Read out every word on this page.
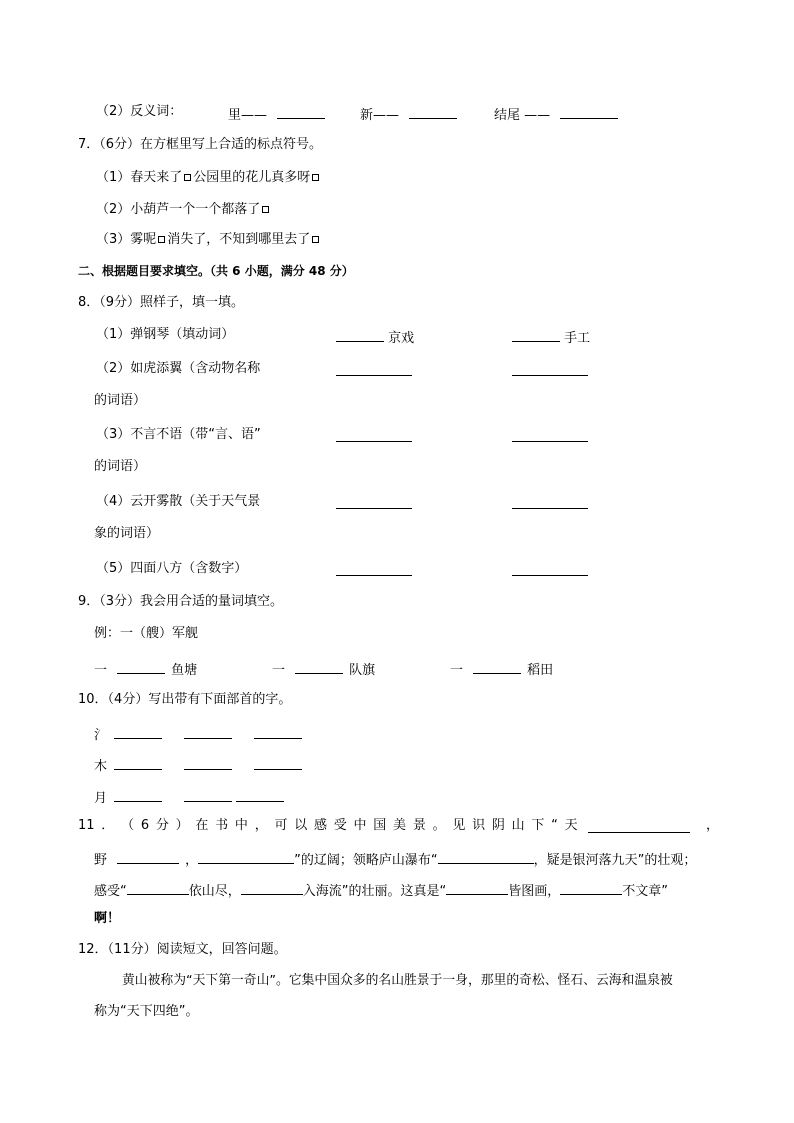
（2）反义词：	里——	新——	结尾 ——
7．（6分）在方框里写上合适的标点符号。
（1）春天来了 公园里的花儿真多呀
（2）小葫芦一个一个都落了
（3）雾呢 消失了，不知到哪里去了
二、根据题目要求填空。（共 6 小题，满分 48 分）
8．（9分）照样子，填一填。
（1）弹钢琴（填动词）	京戏	手工
（2）如虎添翼（含动物名称
的词语）
（3）不言不语（带“言、语”
的词语）
（4）云开雾散（关于天气景
象的词语）
（5）四面八方（含数字）
9．（3分）我会用合适的量词填空。
例：一（艘）军舰
一	鱼塘	一	队旗	一	稻田
10．（4分）写出带有下面部首的字。
氵
木
月
11 ． （ 6 分 ） 在 书 中 ， 可 以 感 受 中 国 美 景 。 见 识 阴 山 下 “ 天	，
野	，	”的辽阔；领略庐山瀑布“	，疑是银河落九天”的壮观；
感受“	依山尽，	入海流”的壮丽。这真是“	皆图画，	不文章”
啊！
12．（11分）阅读短文，回答问题。
黄山被称为“天下第一奇山”。它集中国众多的名山胜景于一身，那里的奇松、怪石、云海和温泉被
称为“天下四绝”。
